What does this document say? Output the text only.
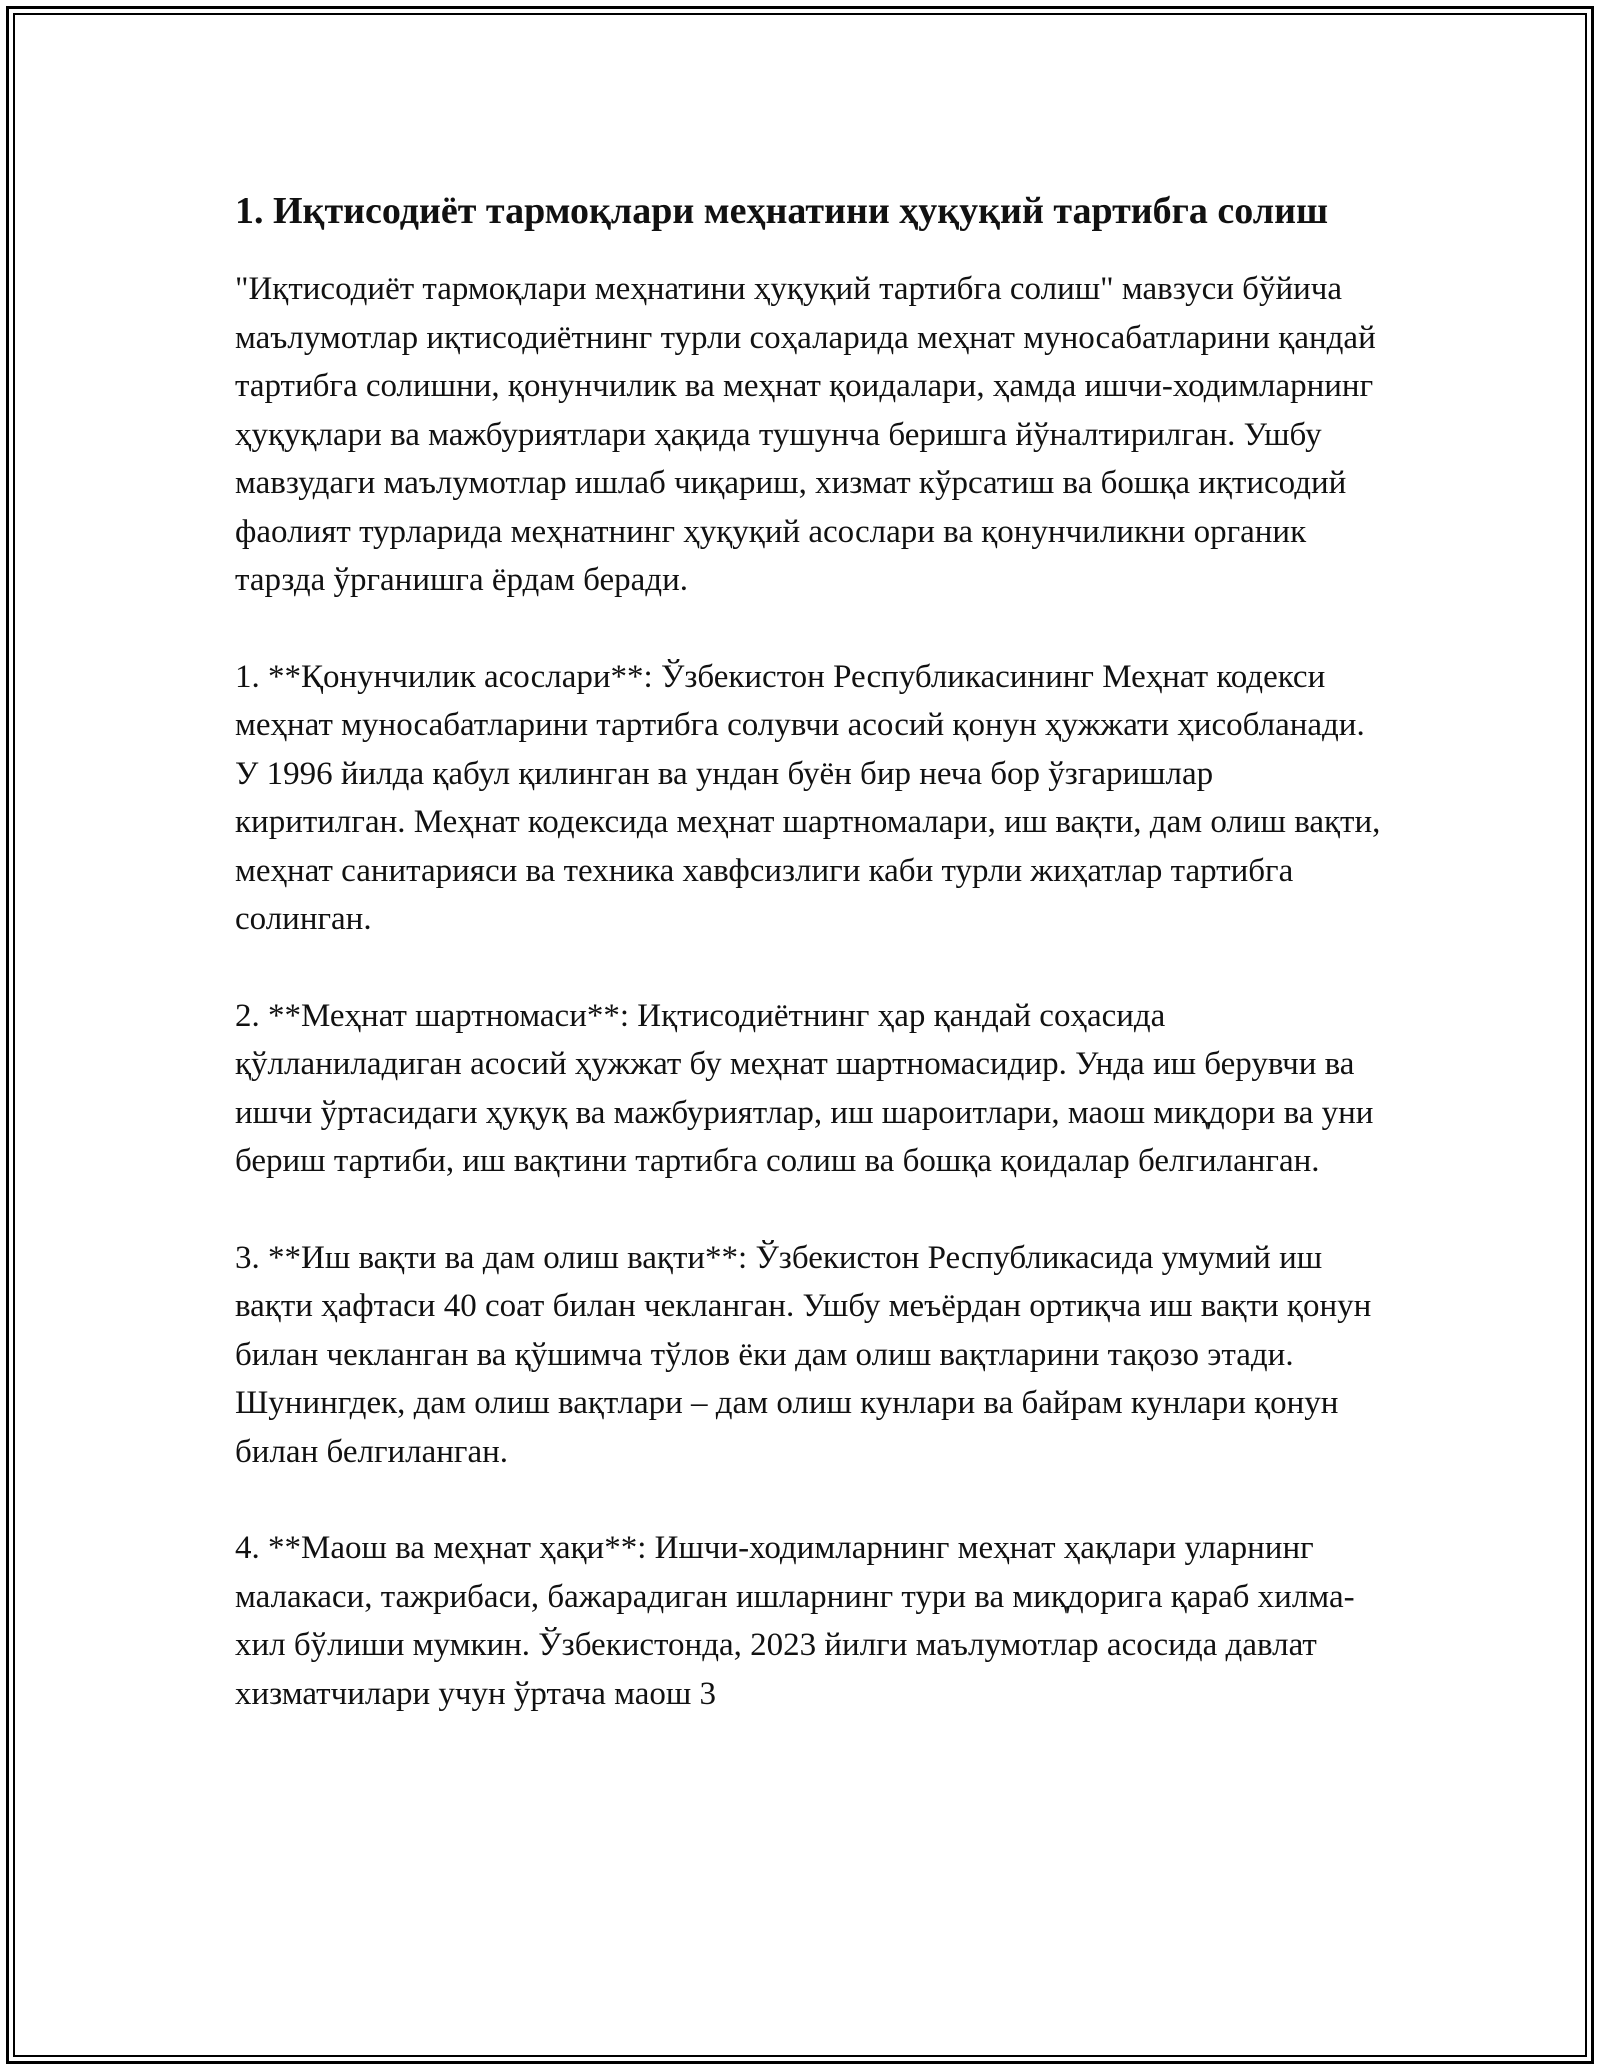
1. Иқтисодиёт тармоқлари меҳнатини ҳуқуқий тартибга солиш

"Иқтисодиёт тармоқлари меҳнатини ҳуқуқий тартибга солиш" мавзуси бўйича маълумотлар иқтисодиётнинг турли соҳаларида меҳнат муносабатларини қандай тартибга солишни, қонунчилик ва меҳнат қоидалари, ҳамда ишчи-ходимларнинг ҳуқуқлари ва мажбуриятлари ҳақида тушунча беришга йўналтирилган. Ушбу мавзудаги маълумотлар ишлаб чиқариш, хизмат кўрсатиш ва бошқа иқтисодий фаолият турларида меҳнатнинг ҳуқуқий асослари ва қонунчиликни органик тарзда ўрганишга ёрдам беради.

1. **Қонунчилик асослари**: Ўзбекистон Республикасининг Меҳнат кодекси меҳнат муносабатларини тартибга солувчи асосий қонун ҳужжати ҳисобланади. У 1996 йилда қабул қилинган ва ундан буён бир неча бор ўзгаришлар киритилган. Меҳнат кодексида меҳнат шартномалари, иш вақти, дам олиш вақти, меҳнат санитарияси ва техника хавфсизлиги каби турли жиҳатлар тартибга солинган.

2. **Меҳнат шартномаси**: Иқтисодиётнинг ҳар қандай соҳасида қўлланиладиган асосий ҳужжат бу меҳнат шартномасидир. Унда иш берувчи ва ишчи ўртасидаги ҳуқуқ ва мажбуриятлар, иш шароитлари, маош миқдори ва уни бериш тартиби, иш вақтини тартибга солиш ва бошқа қоидалар белгиланган.

3. **Иш вақти ва дам олиш вақти**: Ўзбекистон Республикасида умумий иш вақти ҳафтаси 40 соат билан чекланган. Ушбу меъёрдан ортиқча иш вақти қонун билан чекланган ва қўшимча тўлов ёки дам олиш вақтларини тақозо этади. Шунингдек, дам олиш вақтлари – дам олиш кунлари ва байрам кунлари қонун билан белгиланган.

4. **Маош ва меҳнат ҳақи**: Ишчи-ходимларнинг меҳнат ҳақлари уларнинг малакаси, тажрибаси, бажарадиган ишларнинг тури ва миқдорига қараб хилма-хил бўлиши мумкин. Ўзбекистонда, 2023 йилги маълумотлар асосида давлат хизматчилари учун ўртача маош 3
